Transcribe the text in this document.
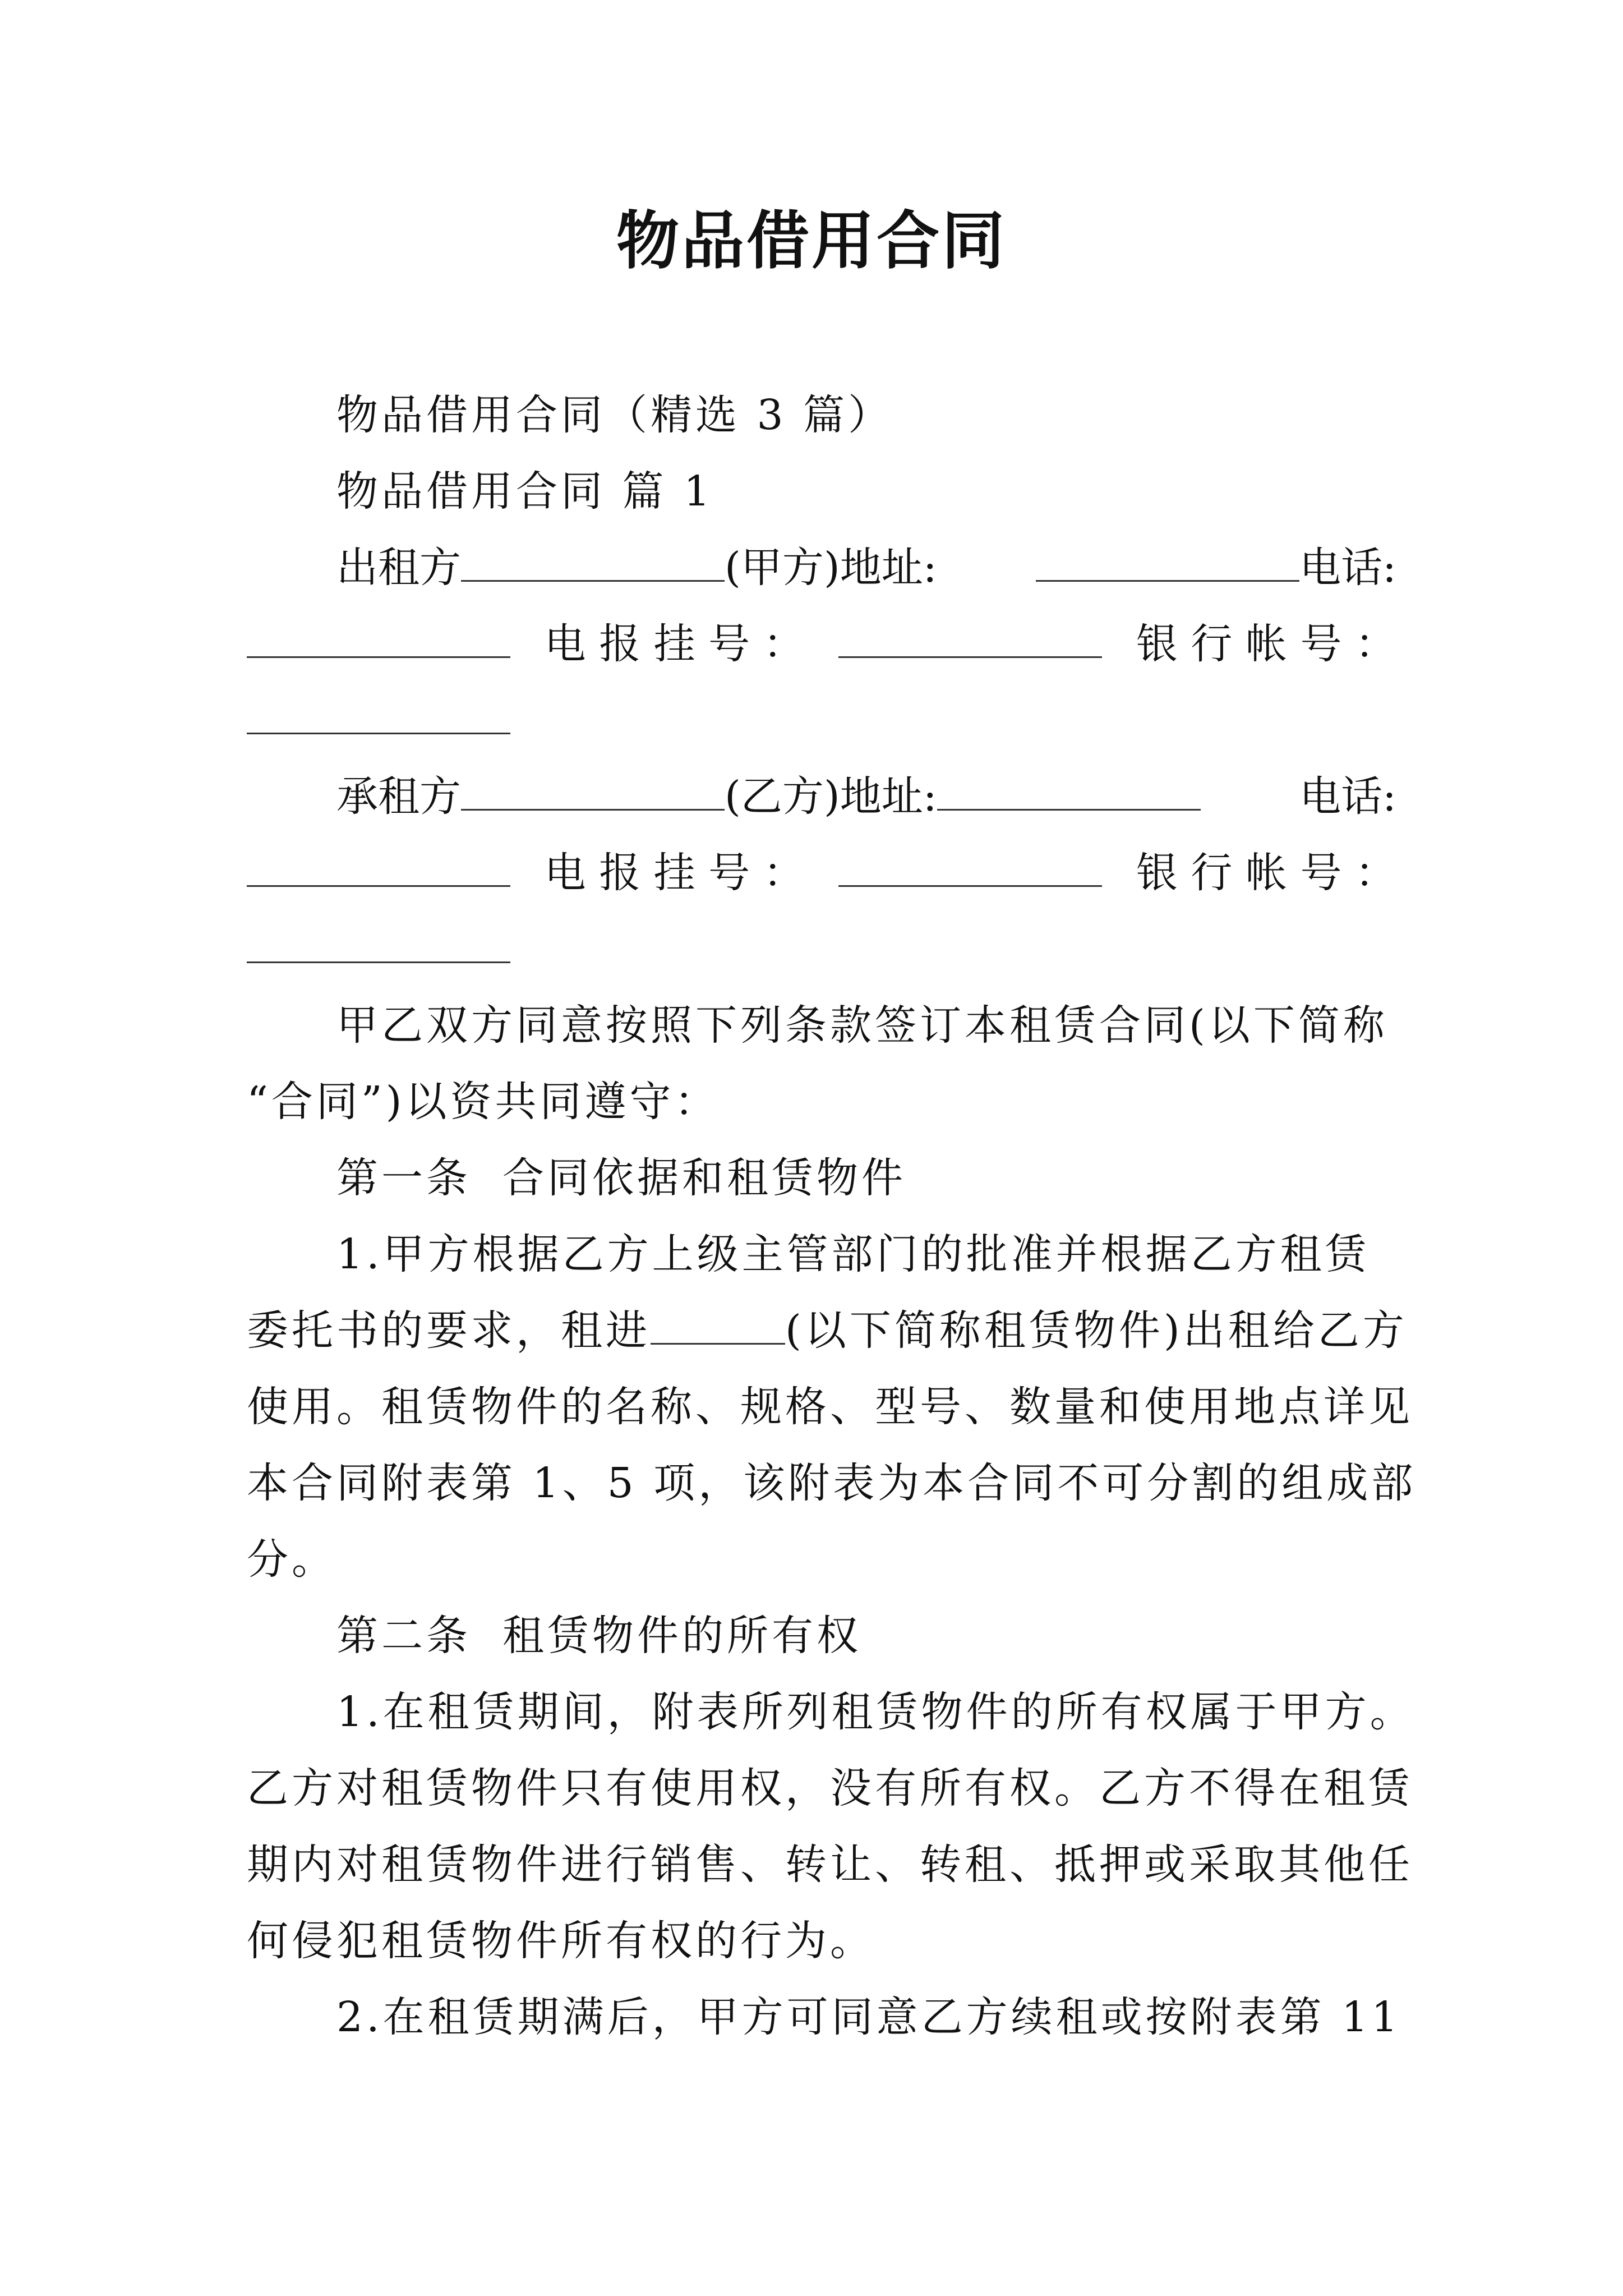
物品借用合同
物品借用合同（精选 3 篇）
物品借用合同 篇 1
出租方	(甲方)地址:	电话:
电 报 挂 号 ：	银 行 帐 号 ：
承租方	(乙方)地址:	电话:
电 报 挂 号 ：	银 行 帐 号 ：
甲乙双方同意按照下列条款签订本租赁合同(以下简称
“合同”)以资共同遵守：
第一条 合同依据和租赁物件
1.甲方根据乙方上级主管部门的批准并根据乙方租赁
委托书的要求，租进	(以下简称租赁物件)出租给乙方
使用。租赁物件的名称、规格、型号、数量和使用地点详见
本合同附表第 1、5 项，该附表为本合同不可分割的组成部
分。
第二条 租赁物件的所有权
1.在租赁期间，附表所列租赁物件的所有权属于甲方。
乙方对租赁物件只有使用权，没有所有权。乙方不得在租赁
期内对租赁物件进行销售、转让、转租、抵押或采取其他任
何侵犯租赁物件所有权的行为。
2.在租赁期满后，甲方可同意乙方续租或按附表第 11
